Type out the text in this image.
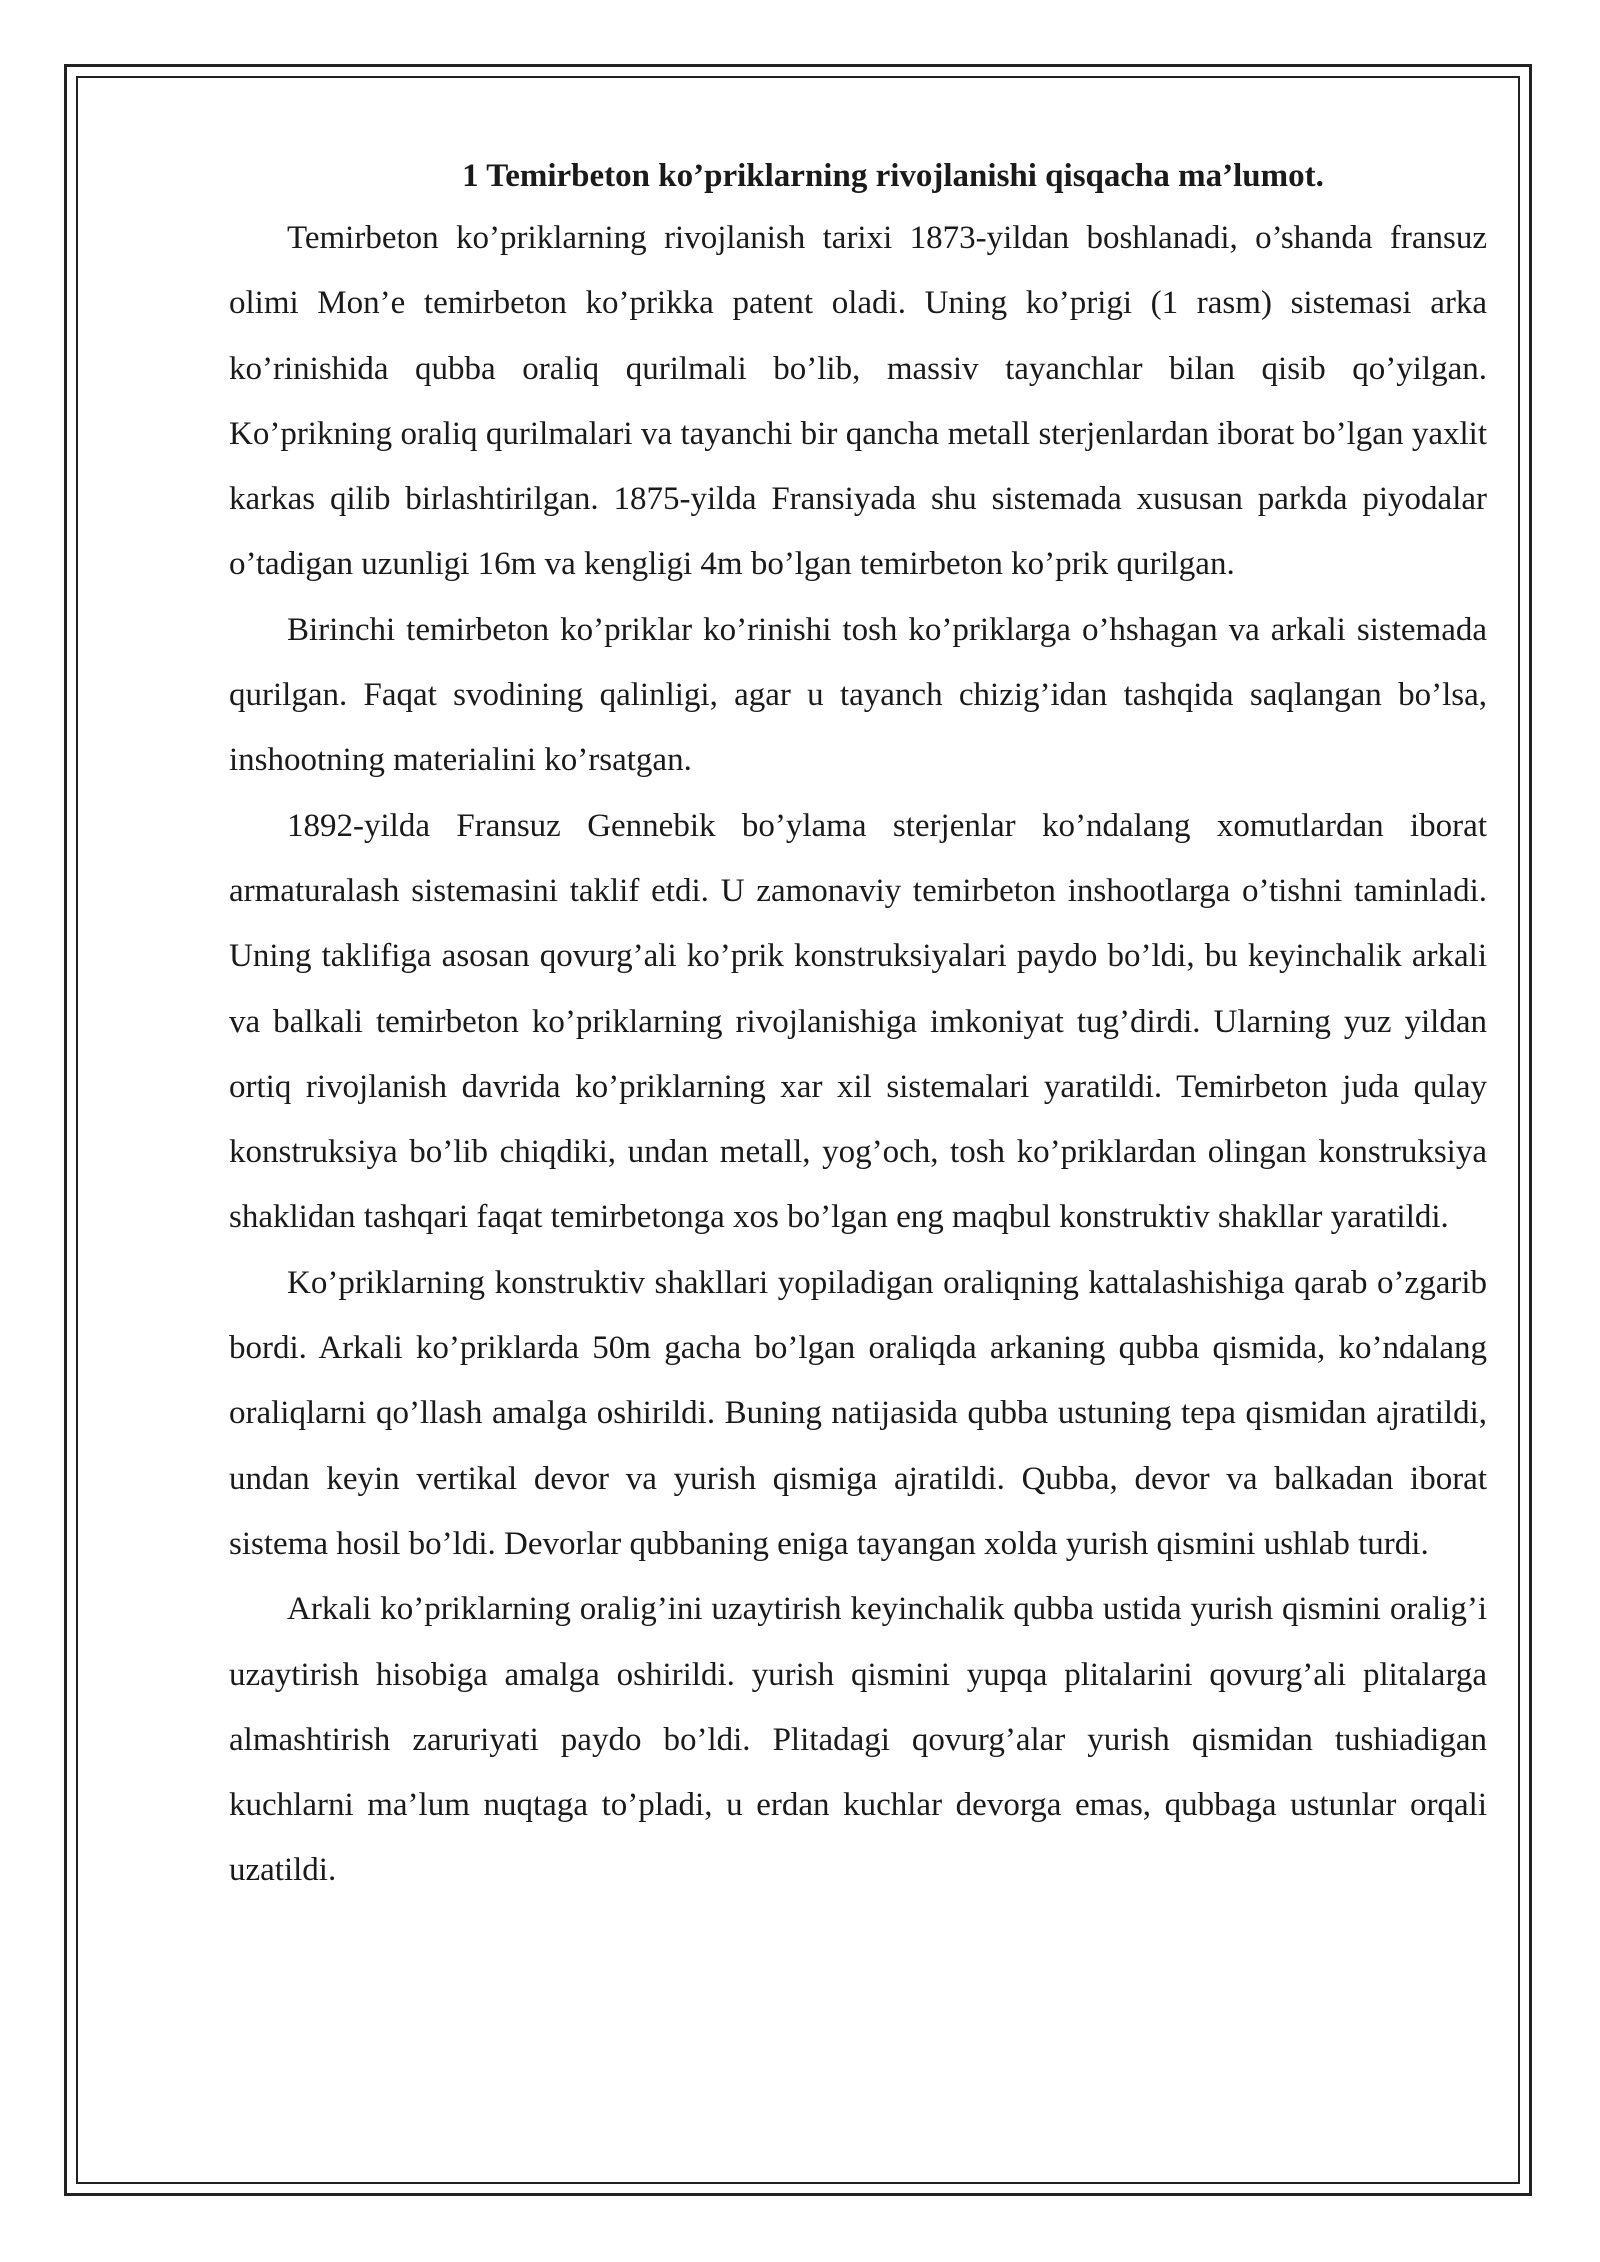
1 Temirbeton ko’priklarning rivojlanishi qisqacha ma’lumot.

Temirbeton ko’priklarning rivojlanish tarixi 1873-yildan boshlanadi, o’shanda fransuz olimi Mon’e temirbeton ko’prikka patent oladi. Uning ko’prigi (1 rasm) sistemasi arka ko’rinishida qubba oraliq qurilmali bo’lib, massiv tayanchlar bilan qisib qo’yilgan. Ko’prikning oraliq qurilmalari va tayanchi bir qancha metall sterjenlardan iborat bo’lgan yaxlit karkas qilib birlashtirilgan. 1875-yilda Fransiyada shu sistemada xususan parkda piyodalar o’tadigan uzunligi 16m va kengligi 4m bo’lgan temirbeton ko’prik qurilgan.

Birinchi temirbeton ko’priklar ko’rinishi tosh ko’priklarga o’hshagan va arkali sistemada qurilgan. Faqat svodining qalinligi, agar u tayanch chizig’idan tashqida saqlangan bo’lsa, inshootning materialini ko’rsatgan.

1892-yilda Fransuz Gennebik bo’ylama sterjenlar ko’ndalang xomutlardan iborat armaturalash sistemasini taklif etdi. U zamonaviy temirbeton inshootlarga o’tishni taminladi. Uning taklifiga asosan qovurg’ali ko’prik konstruksiyalari paydo bo’ldi, bu keyinchalik arkali va balkali temirbeton ko’priklarning rivojlanishiga imkoniyat tug’dirdi. Ularning yuz yildan ortiq rivojlanish davrida ko’priklarning xar xil sistemalari yaratildi. Temirbeton juda qulay konstruksiya bo’lib chiqdiki, undan metall, yog’och, tosh ko’priklardan olingan konstruksiya shaklidan tashqari faqat temirbetonga xos bo’lgan eng maqbul konstruktiv shakllar yaratildi.

Ko’priklarning konstruktiv shakllari yopiladigan oraliqning kattalashishiga qarab o’zgarib bordi. Arkali ko’priklarda 50m gacha bo’lgan oraliqda arkaning qubba qismida, ko’ndalang oraliqlarni qo’llash amalga oshirildi. Buning natijasida qubba ustuning tepa qismidan ajratildi, undan keyin vertikal devor va yurish qismiga ajratildi. Qubba, devor va balkadan iborat sistema hosil bo’ldi. Devorlar qubbaning eniga tayangan xolda yurish qismini ushlab turdi.

Arkali ko’priklarning oralig’ini uzaytirish keyinchalik qubba ustida yurish qismini oralig’i uzaytirish hisobiga amalga oshirildi. yurish qismini yupqa plitalarini qovurg’ali plitalarga almashtirish zaruriyati paydo bo’ldi. Plitadagi qovurg’alar yurish qismidan tushiadigan kuchlarni ma’lum nuqtaga to’pladi, u erdan kuchlar devorga emas, qubbaga ustunlar orqali uzatildi.
